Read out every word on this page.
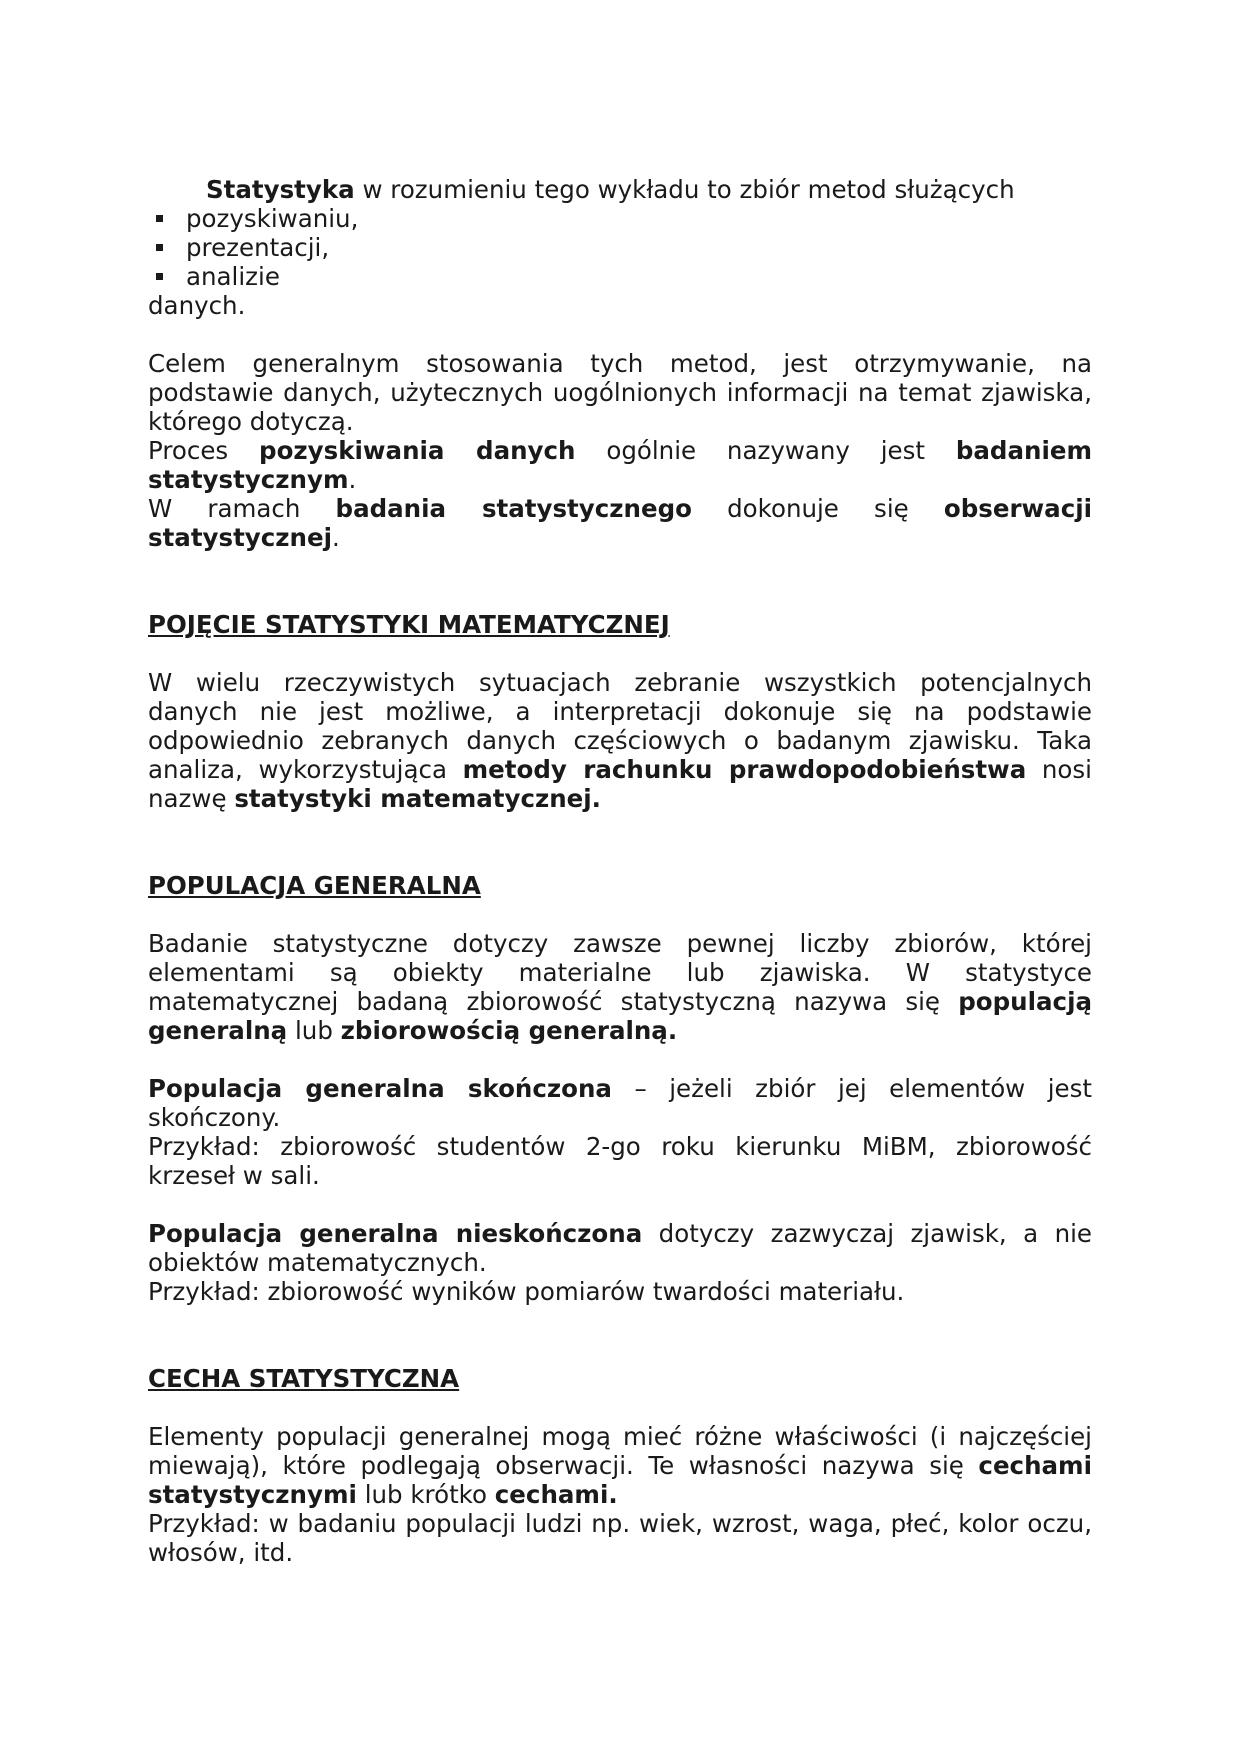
Statystyka w rozumieniu tego wykładu to zbiór metod służących

pozyskiwaniu,
prezentacji,
analizie

danych.

Celem generalnym stosowania tych metod, jest otrzymywanie, na podstawie danych, użytecznych uogólnionych informacji na temat zjawiska, którego dotyczą.

Proces pozyskiwania danych ogólnie nazywany jest badaniem statystycznym.

W ramach badania statystycznego dokonuje się obserwacji statystycznej.

POJĘCIE STATYSTYKI MATEMATYCZNEJ

W wielu rzeczywistych sytuacjach zebranie wszystkich potencjalnych danych nie jest możliwe, a interpretacji dokonuje się na podstawie odpowiednio zebranych danych częściowych o badanym zjawisku. Taka analiza, wykorzystująca metody rachunku prawdopodobieństwa nosi nazwę statystyki matematycznej.

POPULACJA GENERALNA

Badanie statystyczne dotyczy zawsze pewnej liczby zbiorów, której elementami są obiekty materialne lub zjawiska. W statystyce matematycznej badaną zbiorowość statystyczną nazywa się populacją generalną lub zbiorowością generalną.

Populacja generalna skończona – jeżeli zbiór jej elementów jest skończony.

Przykład: zbiorowość studentów 2-go roku kierunku MiBM, zbiorowość krzeseł w sali.

Populacja generalna nieskończona dotyczy zazwyczaj zjawisk, a nie obiektów matematycznych.

Przykład: zbiorowość wyników pomiarów twardości materiału.

CECHA STATYSTYCZNA

Elementy populacji generalnej mogą mieć różne właściwości (i najczęściej miewają), które podlegają obserwacji. Te własności nazywa się cechami statystycznymi lub krótko cechami.

Przykład: w badaniu populacji ludzi np. wiek, wzrost, waga, płeć, kolor oczu, włosów, itd.
